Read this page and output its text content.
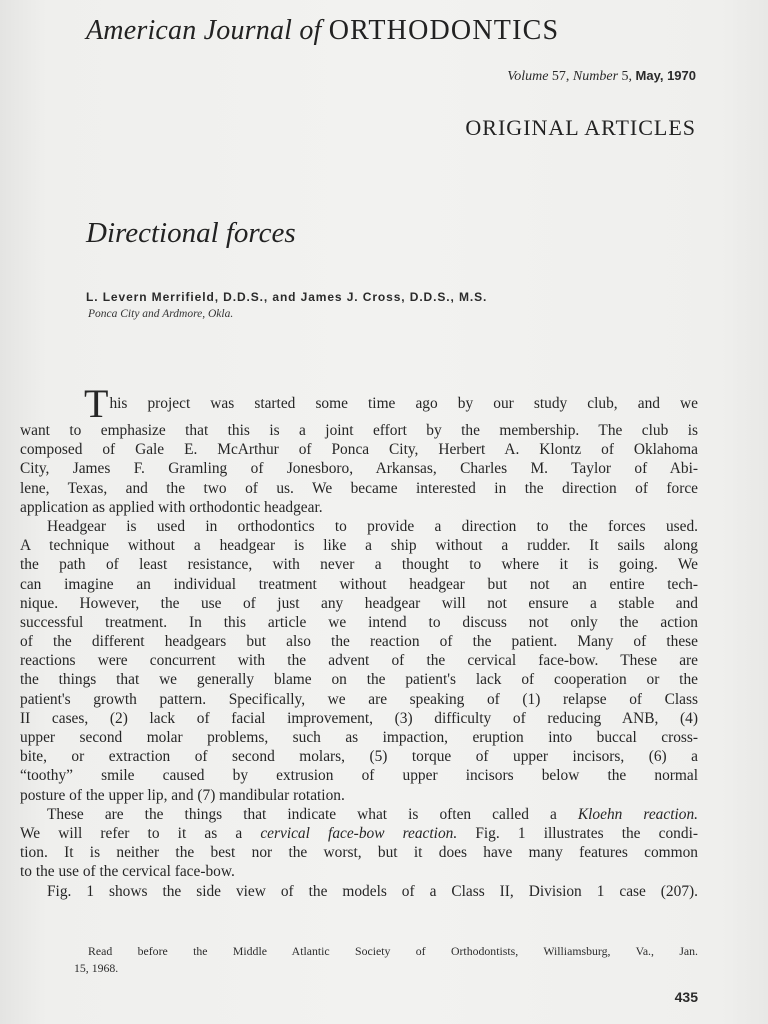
American Journal of ORTHODONTICS
Volume 57, Number 5, May, 1970
ORIGINAL ARTICLES
Directional forces
L. Levern Merrifield, D.D.S., and James J. Cross, D.D.S., M.S.
Ponca City and Ardmore, Okla.
This project was started some time ago by our study club, and we
want to emphasize that this is a joint effort by the membership. The club is
composed of Gale E. McArthur of Ponca City, Herbert A. Klontz of Oklahoma
City, James F. Gramling of Jonesboro, Arkansas, Charles M. Taylor of Abi-
lene, Texas, and the two of us. We became interested in the direction of force
application as applied with orthodontic headgear.
Headgear is used in orthodontics to provide a direction to the forces used.
A technique without a headgear is like a ship without a rudder. It sails along
the path of least resistance, with never a thought to where it is going. We
can imagine an individual treatment without headgear but not an entire tech-
nique. However, the use of just any headgear will not ensure a stable and
successful treatment. In this article we intend to discuss not only the action
of the different headgears but also the reaction of the patient. Many of these
reactions were concurrent with the advent of the cervical face-bow. These are
the things that we generally blame on the patient's lack of cooperation or the
patient's growth pattern. Specifically, we are speaking of (1) relapse of Class
II cases, (2) lack of facial improvement, (3) difficulty of reducing ANB, (4)
upper second molar problems, such as impaction, eruption into buccal cross-
bite, or extraction of second molars, (5) torque of upper incisors, (6) a
“toothy” smile caused by extrusion of upper incisors below the normal
posture of the upper lip, and (7) mandibular rotation.
These are the things that indicate what is often called a Kloehn reaction.
We will refer to it as a cervical face-bow reaction. Fig. 1 illustrates the condi-
tion. It is neither the best nor the worst, but it does have many features common
to the use of the cervical face-bow.
Fig. 1 shows the side view of the models of a Class II, Division 1 case (207).
Read before the Middle Atlantic Society of Orthodontists, Williamsburg, Va., Jan.
15, 1968.
435
